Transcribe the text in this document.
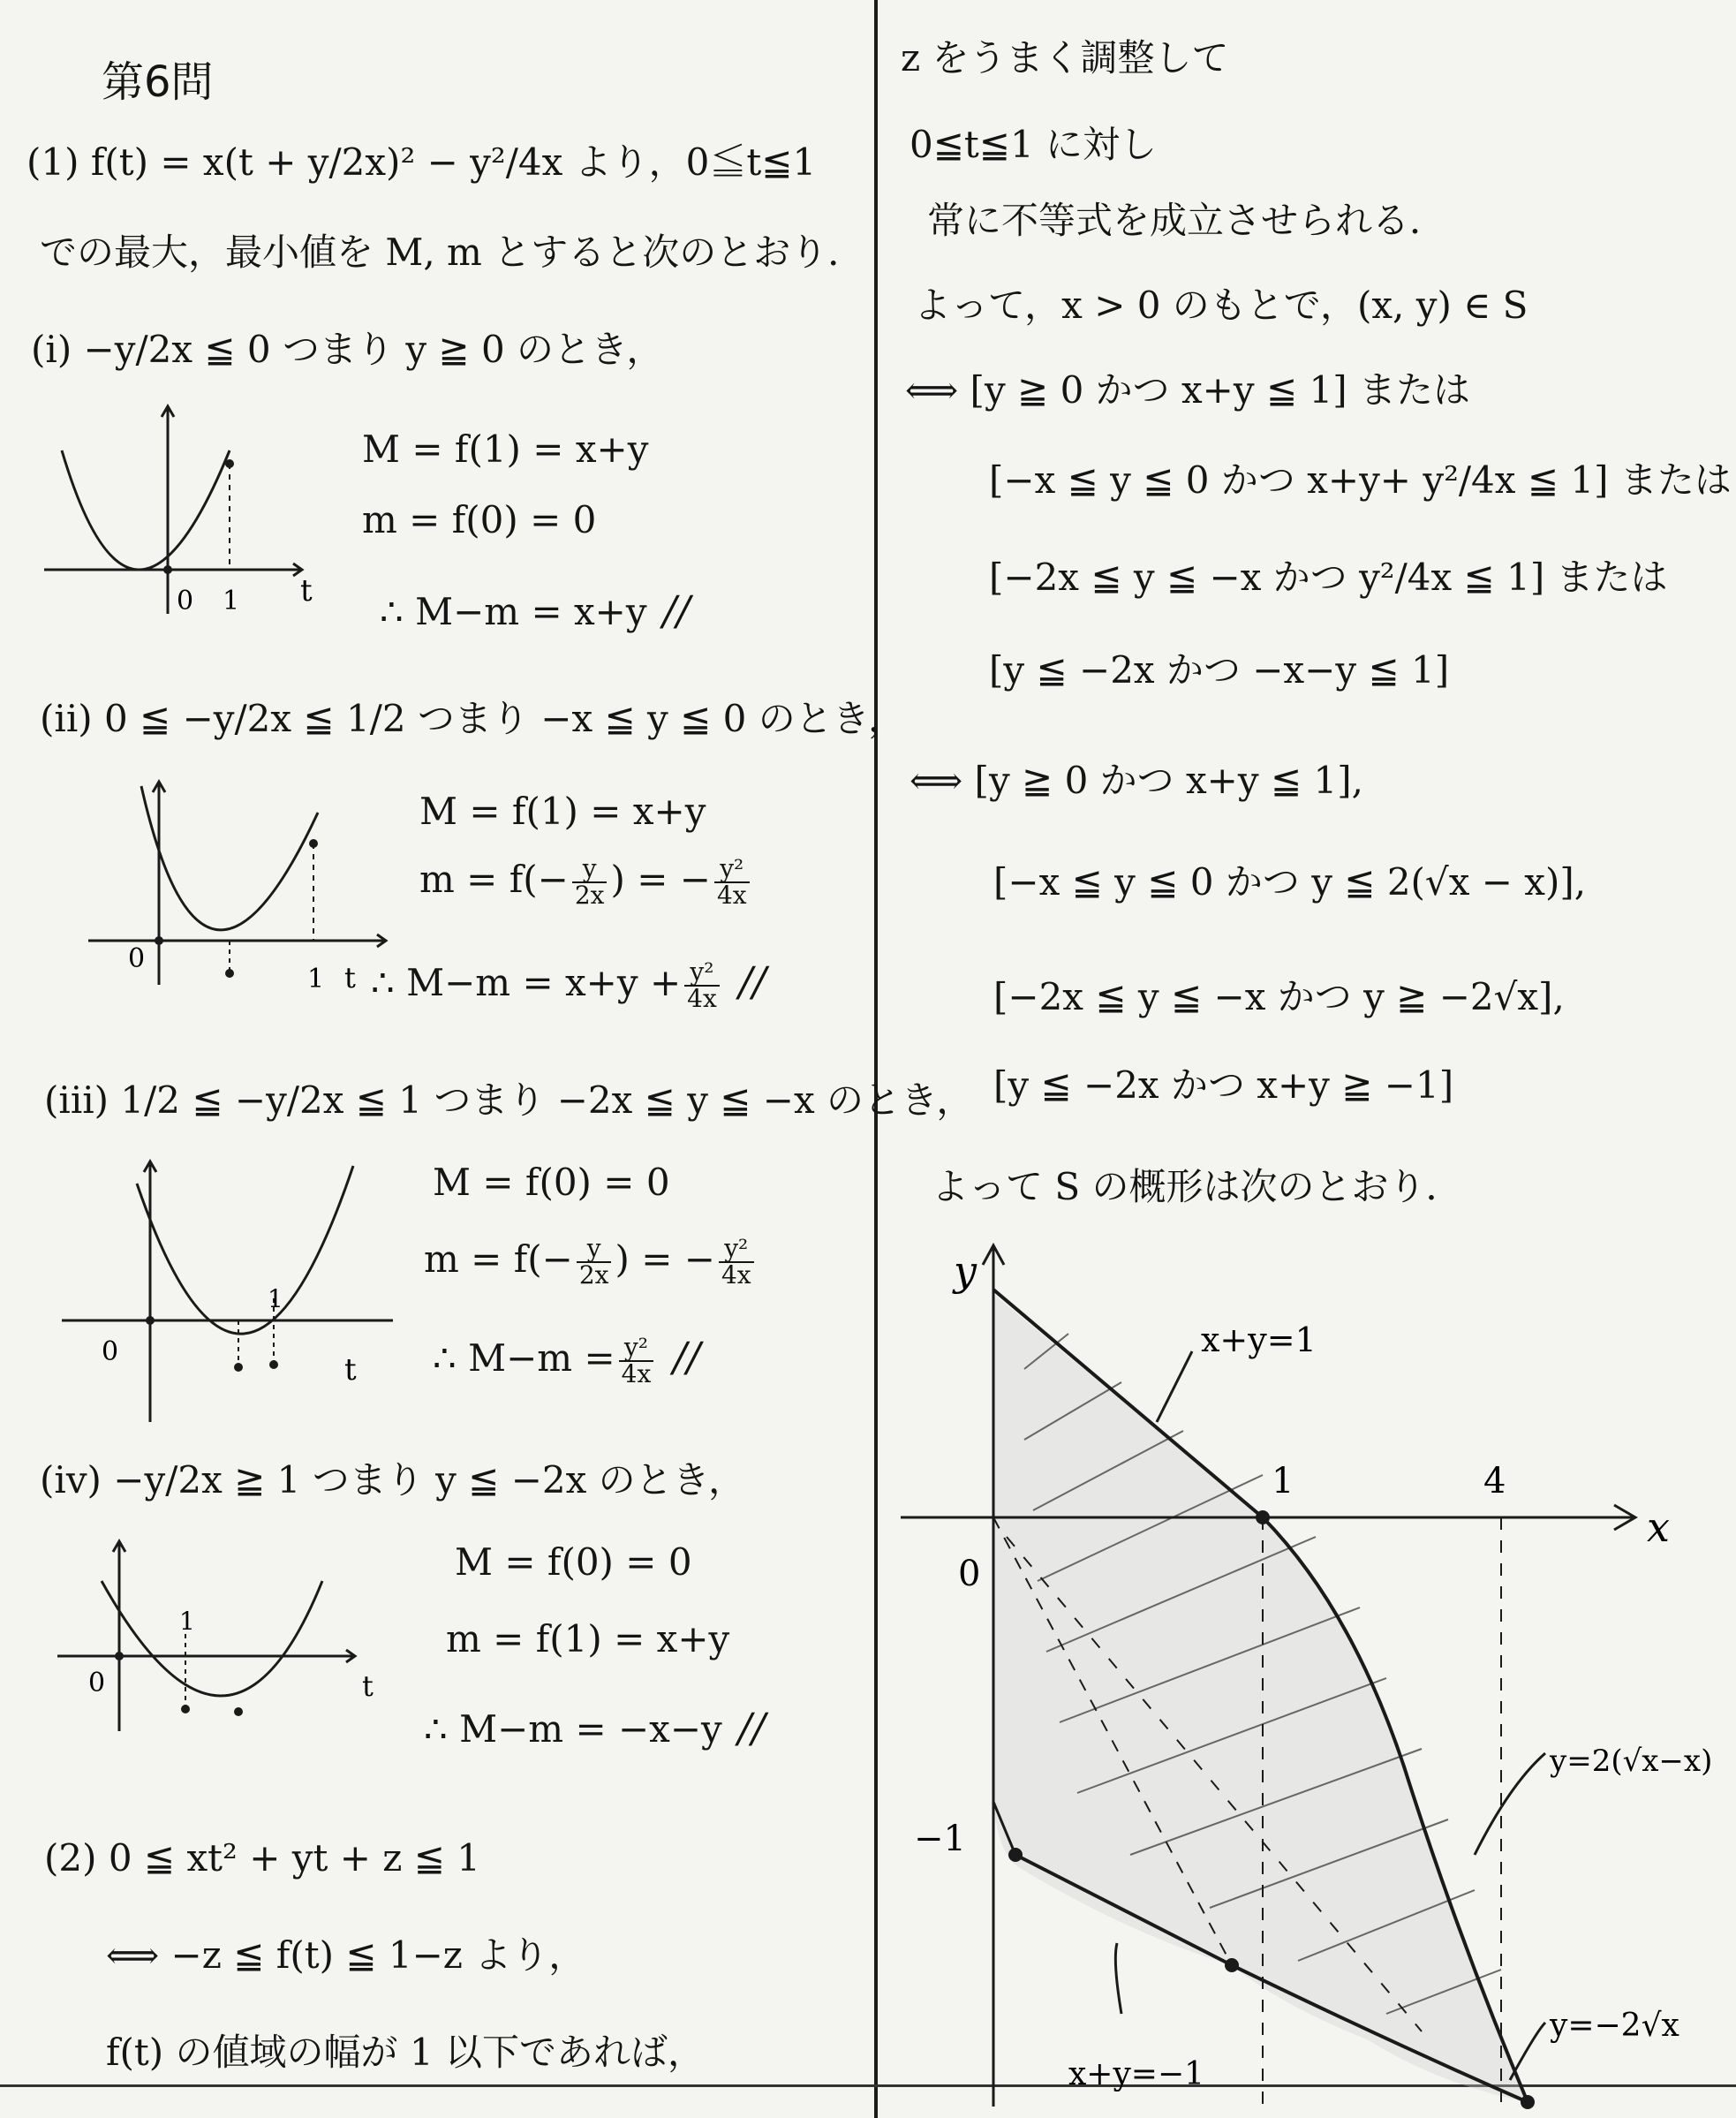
第6問
(1) f(t) = x(t + y/2x)² − y²/4x より，0≦t≦1
での最大，最小値を M, m とすると次のとおり．
(i) −y/2x ≦ 0 つまり y ≧ 0 のとき，
t
0 1
M = f(1) = x+y
m = f(0) = 0
∴ M−m = x+y //
(ii) 0 ≦ −y/2x ≦ 1/2 つまり −x ≦ y ≦ 0 のとき，
0
1 t
M = f(1) = x+y
$m = f(- \frac{y}{2x}$ ) = − $\frac{\text{y²}}{4x}$
∴ $M-m = x+y + \frac{\text{y²}}{4x}$ //
(iii) 1/2 ≦ −y/2x ≦ 1 つまり −2x ≦ y ≦ −x のとき，
0
1
t
M = f(0) = 0
$m = f(- \frac{y}{2x}$ ) = − $\frac{\text{y²}}{4x}$
∴ $M-m = \frac{\text{y²}}{4x}$ //
(iv) −y/2x ≧ 1 つまり y ≦ −2x のとき，
0
1
t
M = f(0) = 0
m = f(1) = x+y
∴ M−m = −x−y //
(2) 0 ≦ xt² + yt + z ≦ 1
⟺ −z ≦ f(t) ≦ 1−z より，
f(t) の値域の幅が 1 以下であれば，
z をうまく調整して
0≦t≦1 に対し
常に不等式を成立させられる．
よって，x > 0 のもとで，(x, y) ∈ S
⟺ [y ≧ 0 かつ x+y ≦ 1] または
[−x ≦ y ≦ 0 かつ x+y+ y²/4x ≦ 1] または
[−2x ≦ y ≦ −x かつ y²/4x ≦ 1] または
[y ≦ −2x かつ −x−y ≦ 1]
⟺ [y ≧ 0 かつ x+y ≦ 1],
[−x ≦ y ≦ 0 かつ y ≦ 2(√x − x)],
[−2x ≦ y ≦ −x かつ y ≧ −2√x],
[y ≦ −2x かつ x+y ≧ −1]
よって S の概形は次のとおり．
y
x
0
1	4
−1
x+y=1
y=2(√x−x)
y=−2√x
x+y=−1
